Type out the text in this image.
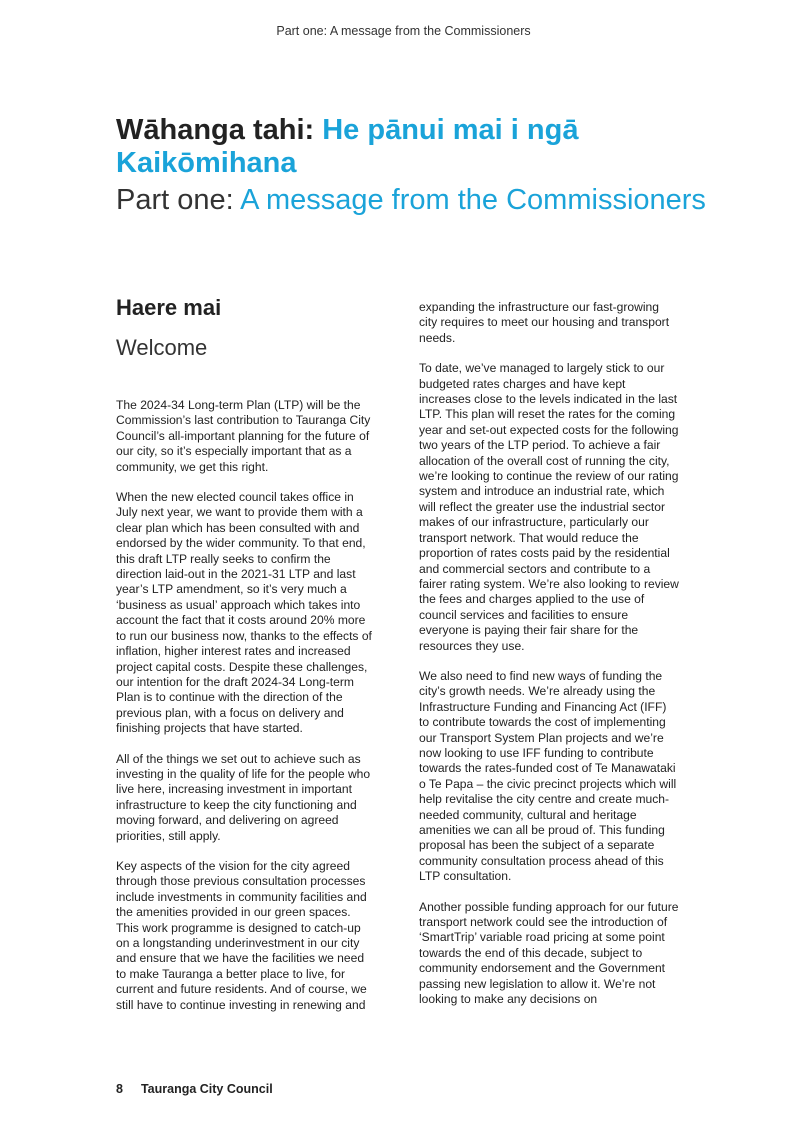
Part one: A message from the Commissioners
Wāhanga tahi: He pānui mai i ngā Kaikōmihana
Part one: A message from the Commissioners
Haere mai
Welcome

The 2024-34 Long-term Plan (LTP) will be the Commission’s last contribution to Tauranga City Council’s all-important planning for the future of our city, so it’s especially important that as a community, we get this right.

When the new elected council takes office in July next year, we want to provide them with a clear plan which has been consulted with and endorsed by the wider community. To that end, this draft LTP really seeks to confirm the direction laid-out in the 2021-31 LTP and last year’s LTP amendment, so it’s very much a ‘business as usual’ approach which takes into account the fact that it costs around 20% more to run our business now, thanks to the effects of inflation, higher interest rates and increased project capital costs. Despite these challenges, our intention for the draft 2024-34 Long-term Plan is to continue with the direction of the previous plan, with a focus on delivery and finishing projects that have started.

All of the things we set out to achieve such as investing in the quality of life for the people who live here, increasing investment in important infrastructure to keep the city functioning and moving forward, and delivering on agreed priorities, still apply.

Key aspects of the vision for the city agreed through those previous consultation processes include investments in community facilities and the amenities provided in our green spaces. This work programme is designed to catch-up on a longstanding underinvestment in our city and ensure that we have the facilities we need to make Tauranga a better place to live, for current and future residents. And of course, we still have to continue investing in renewing and

expanding the infrastructure our fast-growing city requires to meet our housing and transport needs.

To date, we’ve managed to largely stick to our budgeted rates charges and have kept increases close to the levels indicated in the last LTP. This plan will reset the rates for the coming year and set-out expected costs for the following two years of the LTP period. To achieve a fair allocation of the overall cost of running the city, we’re looking to continue the review of our rating system and introduce an industrial rate, which will reflect the greater use the industrial sector makes of our infrastructure, particularly our transport network. That would reduce the proportion of rates costs paid by the residential and commercial sectors and contribute to a fairer rating system. We’re also looking to review the fees and charges applied to the use of council services and facilities to ensure everyone is paying their fair share for the resources they use.

We also need to find new ways of funding the city’s growth needs. We’re already using the Infrastructure Funding and Financing Act (IFF) to contribute towards the cost of implementing our Transport System Plan projects and we’re now looking to use IFF funding to contribute towards the rates-funded cost of Te Manawataki o Te Papa – the civic precinct projects which will help revitalise the city centre and create much-needed community, cultural and heritage amenities we can all be proud of. This funding proposal has been the subject of a separate community consultation process ahead of this LTP consultation.

Another possible funding approach for our future transport network could see the introduction of ‘SmartTrip’ variable road pricing at some point towards the end of this decade, subject to community endorsement and the Government passing new legislation to allow it. We’re not looking to make any decisions on

8 Tauranga City Council
